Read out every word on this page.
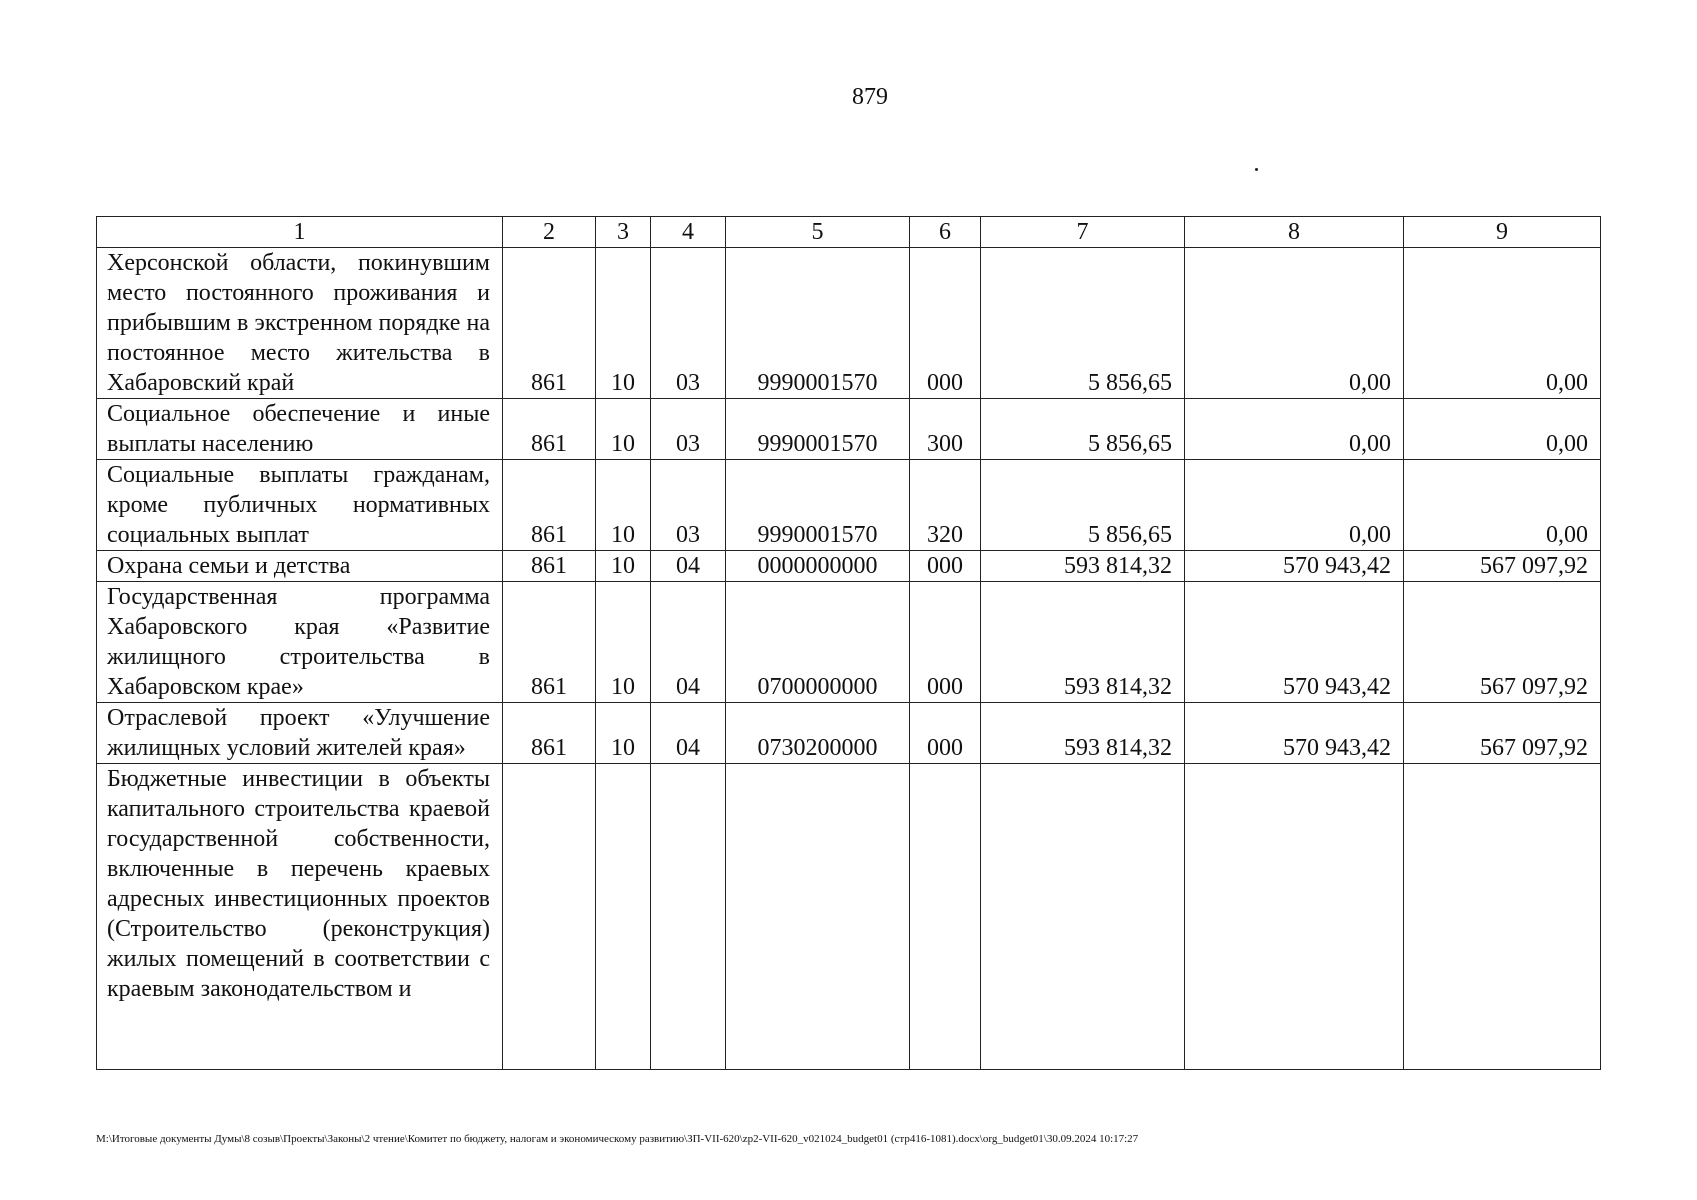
879
1	2	3	4	5	6	7	8	9
Херсонской области, покинувшим место постоянного проживания и прибывшим в экстренном порядке на постоянное место жительства в Хабаровский край	861	10	03	9990001570	000	5 856,65	0,00	0,00
Социальное обеспечение и иные выплаты населению	861	10	03	9990001570	300	5 856,65	0,00	0,00
Социальные выплаты гражданам, кроме публичных нормативных социальных выплат	861	10	03	9990001570	320	5 856,65	0,00	0,00
Охрана семьи и детства	861	10	04	0000000000	000	593 814,32	570 943,42	567 097,92
Государственная программа Хабаровского края «Развитие жилищного строительства в Хабаровском крае»	861	10	04	0700000000	000	593 814,32	570 943,42	567 097,92
Отраслевой проект «Улучшение жилищных условий жителей края»	861	10	04	0730200000	000	593 814,32	570 943,42	567 097,92
Бюджетные инвестиции в объекты капитального строительства краевой государственной собственности, включенные в перечень краевых адресных инвестиционных проектов (Строительство (реконструкция) жилых помещений в соответствии с краевым законодательством и								
M:\Итоговые документы Думы\8 созыв\Проекты\Законы\2 чтение\Комитет по бюджету, налогам и экономическому развитию\ЗП-VII-620\zp2-VII-620_v021024_budget01 (стр416-1081).docx\org_budget01\30.09.2024 10:17:27
